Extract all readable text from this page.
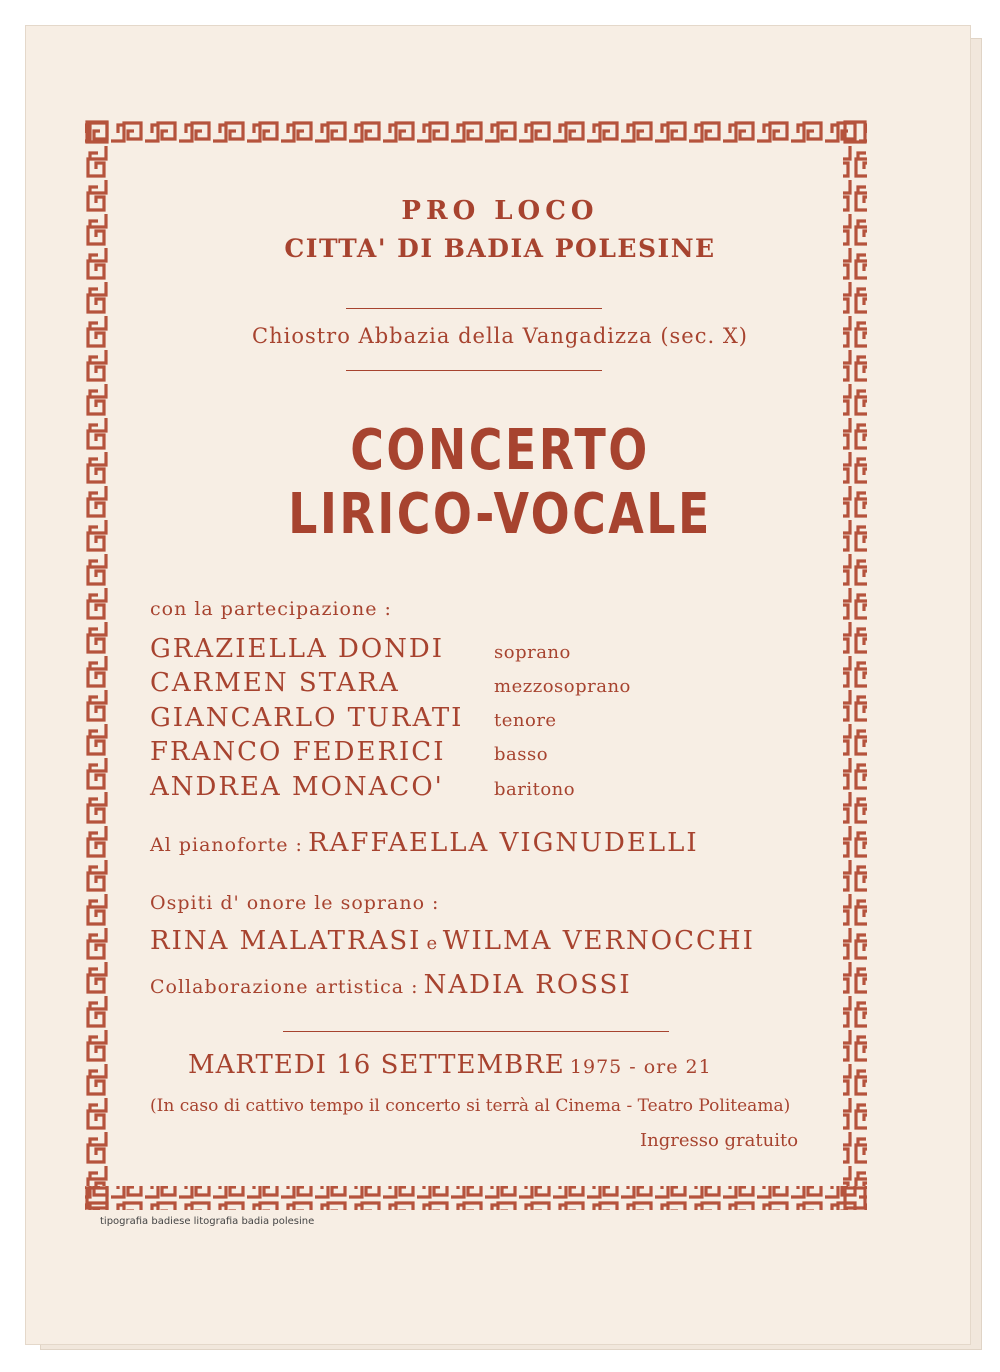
PRO LOCO
CITTA' DI BADIA POLESINE
Chiostro Abbazia della Vangadizza (sec. X)
CONCERTO
LIRICO-VOCALE
con la partecipazione :
GRAZIELLA DONDI	soprano
CARMEN STARA	mezzosoprano
GIANCARLO TURATI tenore
FRANCO FEDERICI	basso
ANDREA MONACO'	baritono
Al pianoforte : RAFFAELLA VIGNUDELLI
Ospiti d' onore le soprano :
RINA MALATRASI e WILMA VERNOCCHI
Collaborazione artistica : NADIA ROSSI
MARTEDI 16 SETTEMBRE 1975 - ore 21
(In caso di cattivo tempo il concerto si terrà al Cinema - Teatro Politeama)
Ingresso gratuito
tipografia badiese litografia badia polesine
